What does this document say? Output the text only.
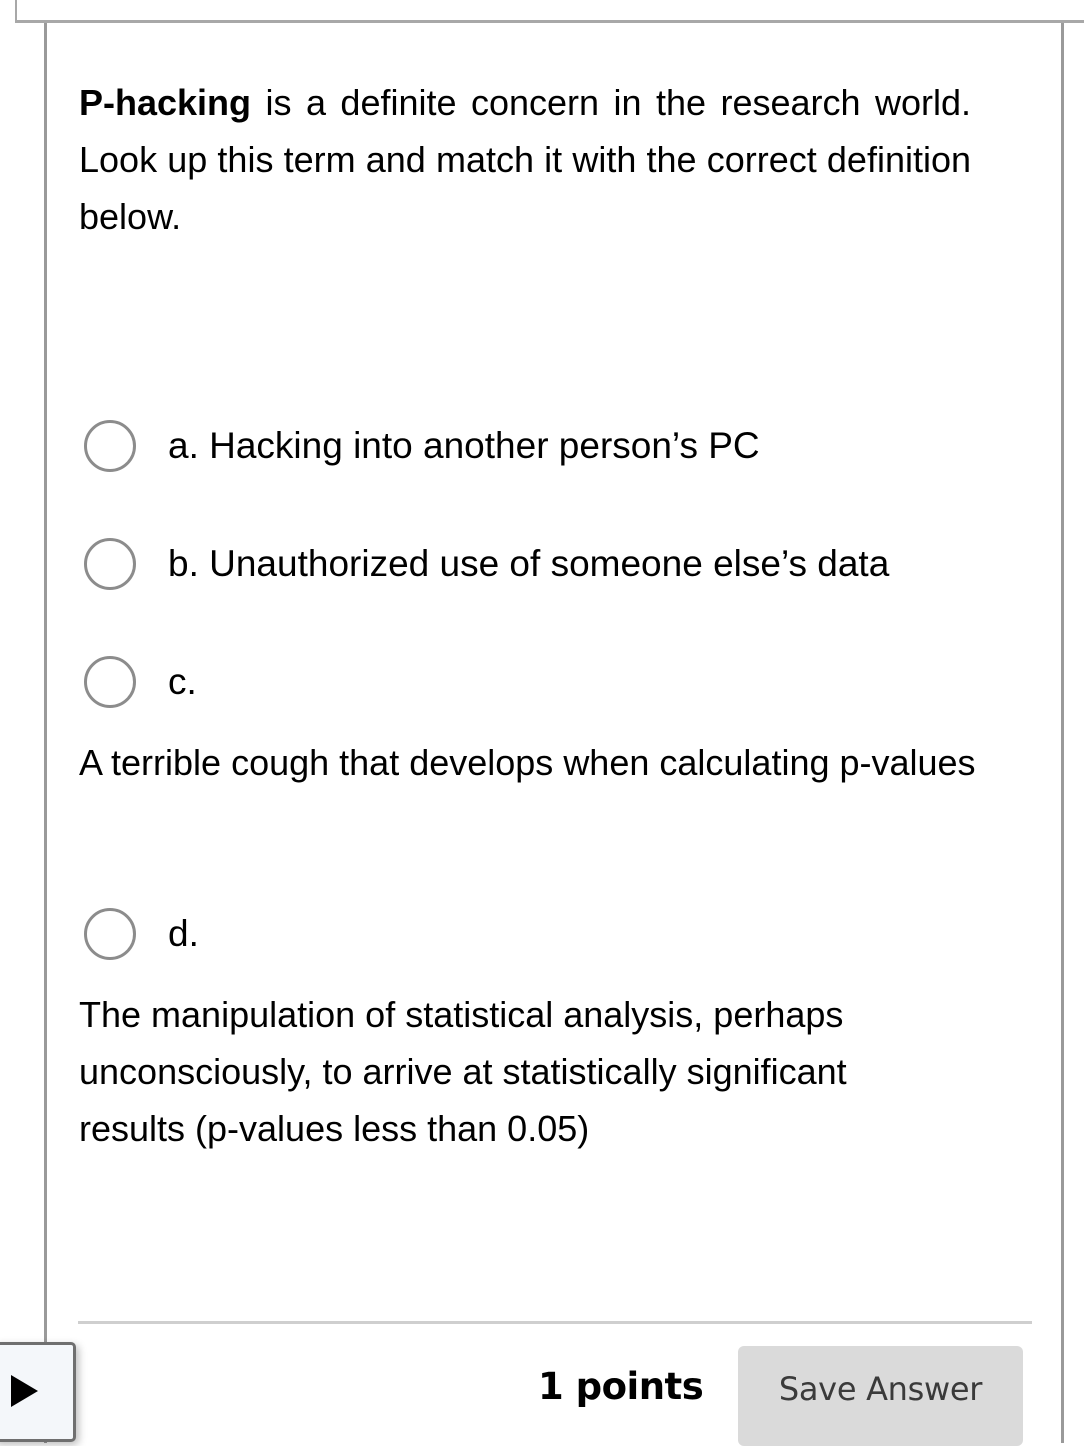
P-hacking is a definite concern in the research world. Look up this term and match it with the correct definition below.
a. Hacking into another person’s PC
b. Unauthorized use of someone else’s data
c.
A terrible cough that develops when calculating p-values
d.
The manipulation of statistical analysis, perhaps unconsciously, to arrive at statistically significant results (p-values less than 0.05)
1 points	Save Answer
